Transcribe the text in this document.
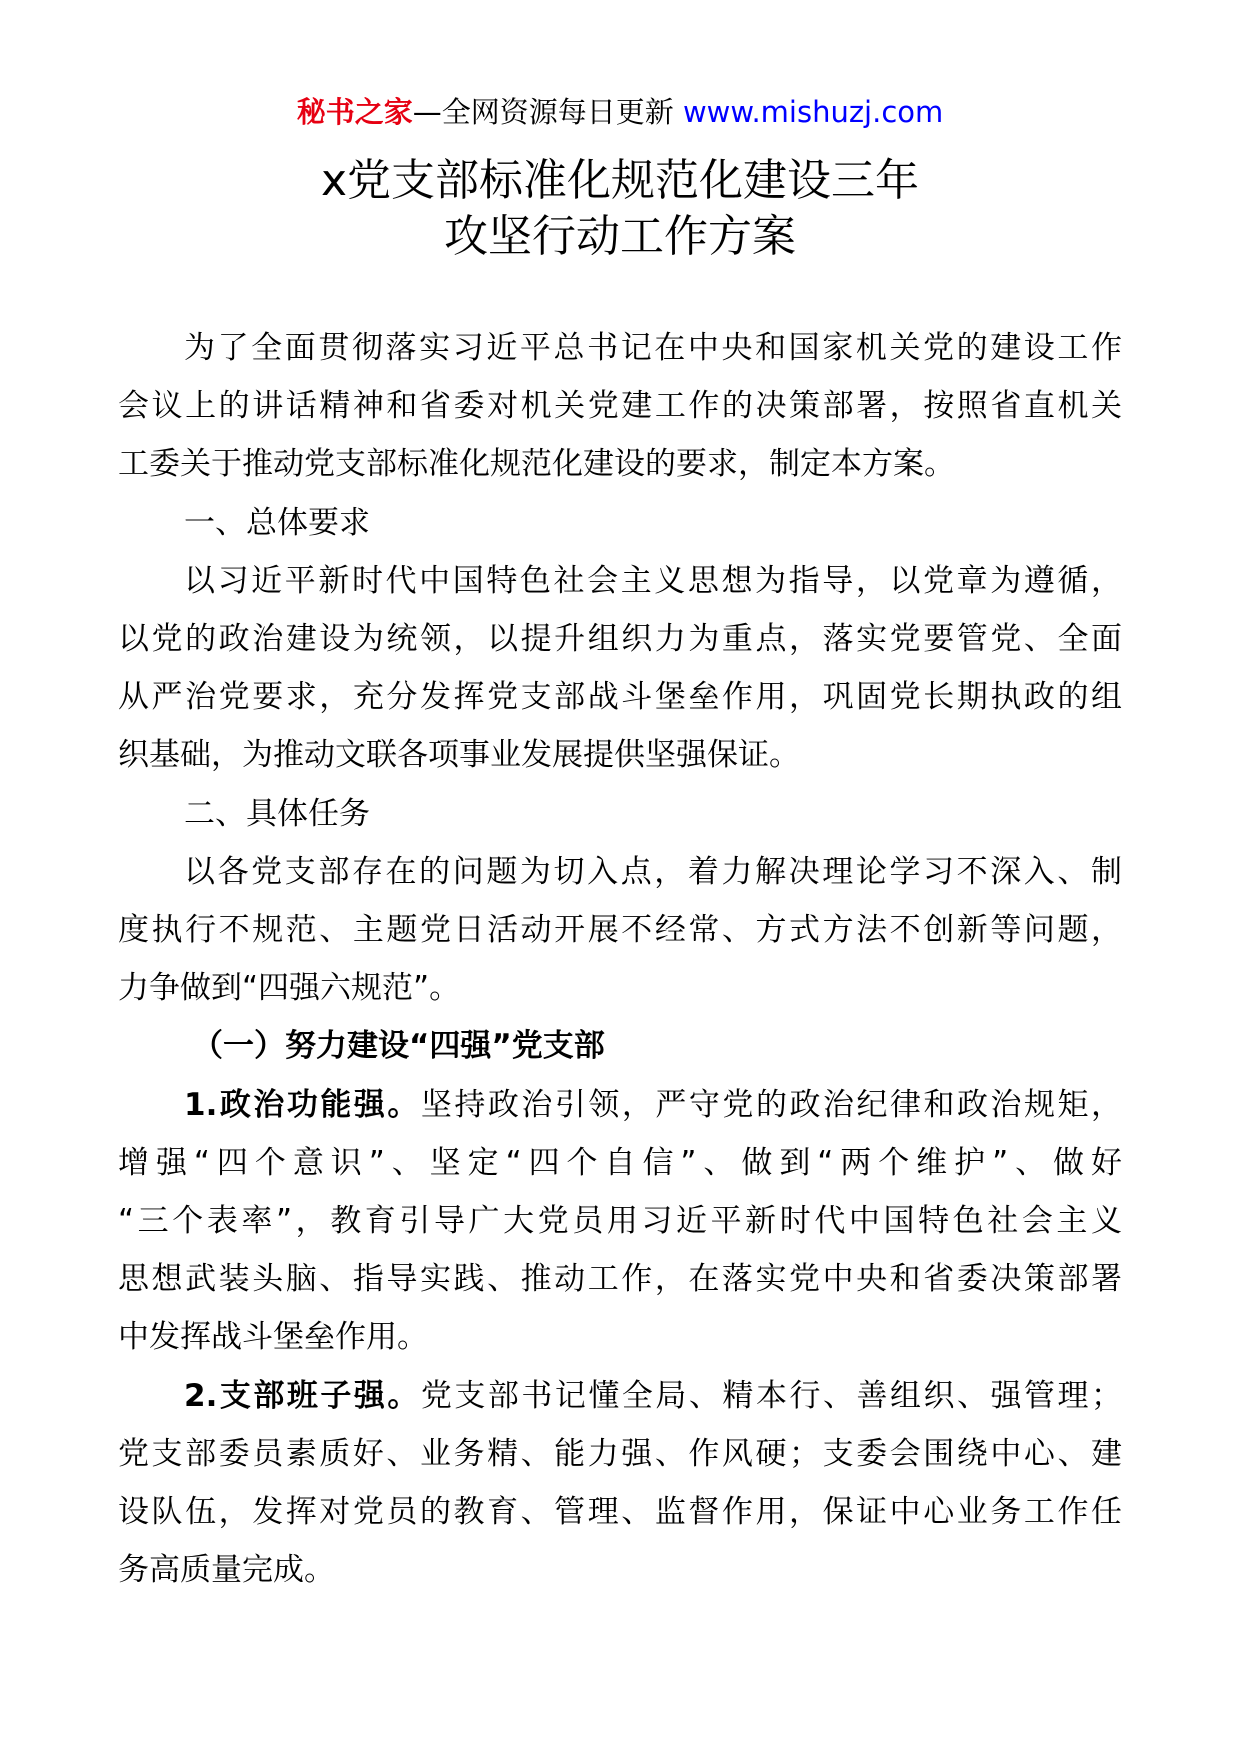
秘书之家—全网资源每日更新 www.mishuzj.com
x党支部标准化规范化建设三年
攻坚行动工作方案
为了全面贯彻落实习近平总书记在中央和国家机关党的建设工作
会议上的讲话精神和省委对机关党建工作的决策部署，按照省直机关
工委关于推动党支部标准化规范化建设的要求，制定本方案。
一、总体要求
以习近平新时代中国特色社会主义思想为指导，以党章为遵循，
以党的政治建设为统领，以提升组织力为重点，落实党要管党、全面
从严治党要求，充分发挥党支部战斗堡垒作用，巩固党长期执政的组
织基础，为推动文联各项事业发展提供坚强保证。
二、具体任务
以各党支部存在的问题为切入点，着力解决理论学习不深入、制
度执行不规范、主题党日活动开展不经常、方式方法不创新等问题，
力争做到“四强六规范”。
（一）努力建设“四强”党支部
1.政治功能强。坚持政治引领，严守党的政治纪律和政治规矩，
增强“四个意识”、坚定“四个自信”、做到“两个维护”、做好
“三个表率”，教育引导广大党员用习近平新时代中国特色社会主义
思想武装头脑、指导实践、推动工作，在落实党中央和省委决策部署
中发挥战斗堡垒作用。
2.支部班子强。党支部书记懂全局、精本行、善组织、强管理；
党支部委员素质好、业务精、能力强、作风硬；支委会围绕中心、建
设队伍，发挥对党员的教育、管理、监督作用，保证中心业务工作任
务高质量完成。
